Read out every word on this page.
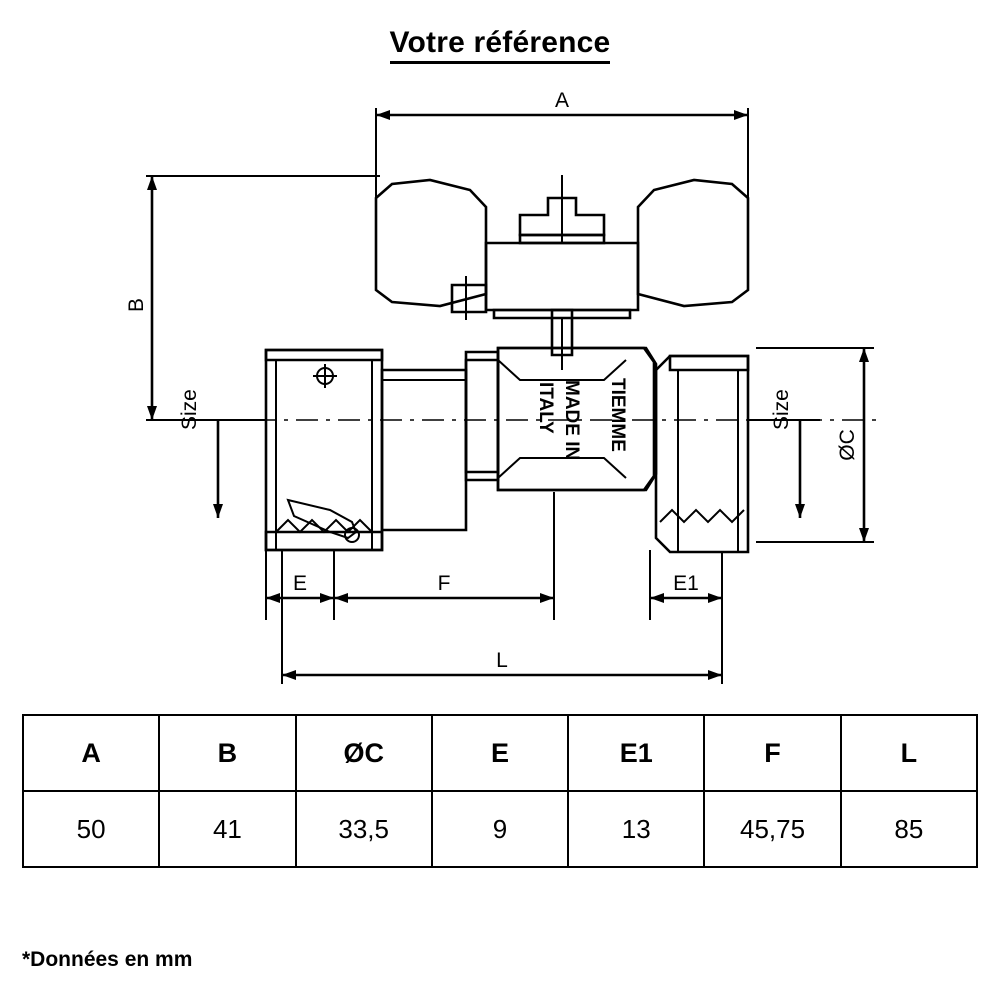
Votre référence
MADE IN
ITALY	TIEMME
A
B
Size	Size
ØC
E	F	E1
L
A	B	ØC	E	E1	F	L
50	41	33,5	9	13	45,75	85
*Données en mm
